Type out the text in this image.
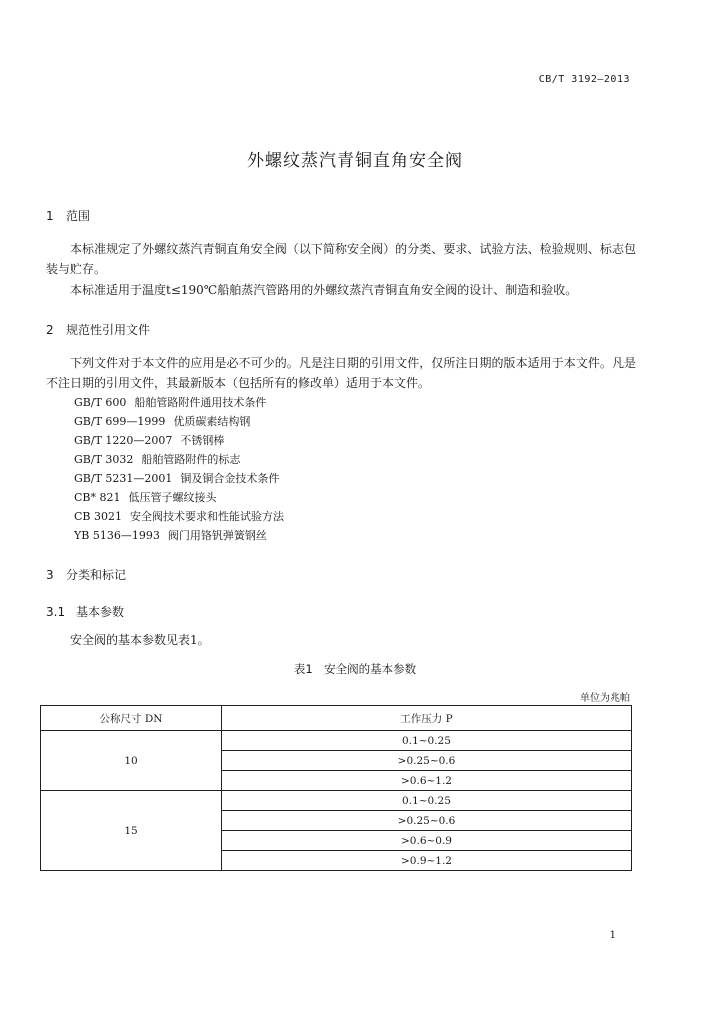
CB/T 3192—2013
外螺纹蒸汽青铜直角安全阀
1 范围
本标准规定了外螺纹蒸汽青铜直角安全阀（以下简称安全阀）的分类、要求、试验方法、检验规则、标志包装与贮存。
本标准适用于温度t≤190℃船舶蒸汽管路用的外螺纹蒸汽青铜直角安全阀的设计、制造和验收。
2 规范性引用文件
下列文件对于本文件的应用是必不可少的。凡是注日期的引用文件，仅所注日期的版本适用于本文件。凡是不注日期的引用文件，其最新版本（包括所有的修改单）适用于本文件。
GB/T 600 船舶管路附件通用技术条件
GB/T 699—1999 优质碳素结构钢
GB/T 1220—2007 不锈钢棒
GB/T 3032 船舶管路附件的标志
GB/T 5231—2001 铜及铜合金技术条件
CB* 821 低压管子螺纹接头
CB 3021 安全阀技术要求和性能试验方法
YB 5136—1993 阀门用铬钒弹簧钢丝
3 分类和标记
3.1 基本参数
安全阀的基本参数见表1。
表1　安全阀的基本参数
单位为兆帕
公称尺寸 DN	工作压力 P
10	0.1~0.25
	>0.25~0.6
	>0.6~1.2
15	0.1~0.25
	>0.25~0.6
	>0.6~0.9
	>0.9~1.2
1
